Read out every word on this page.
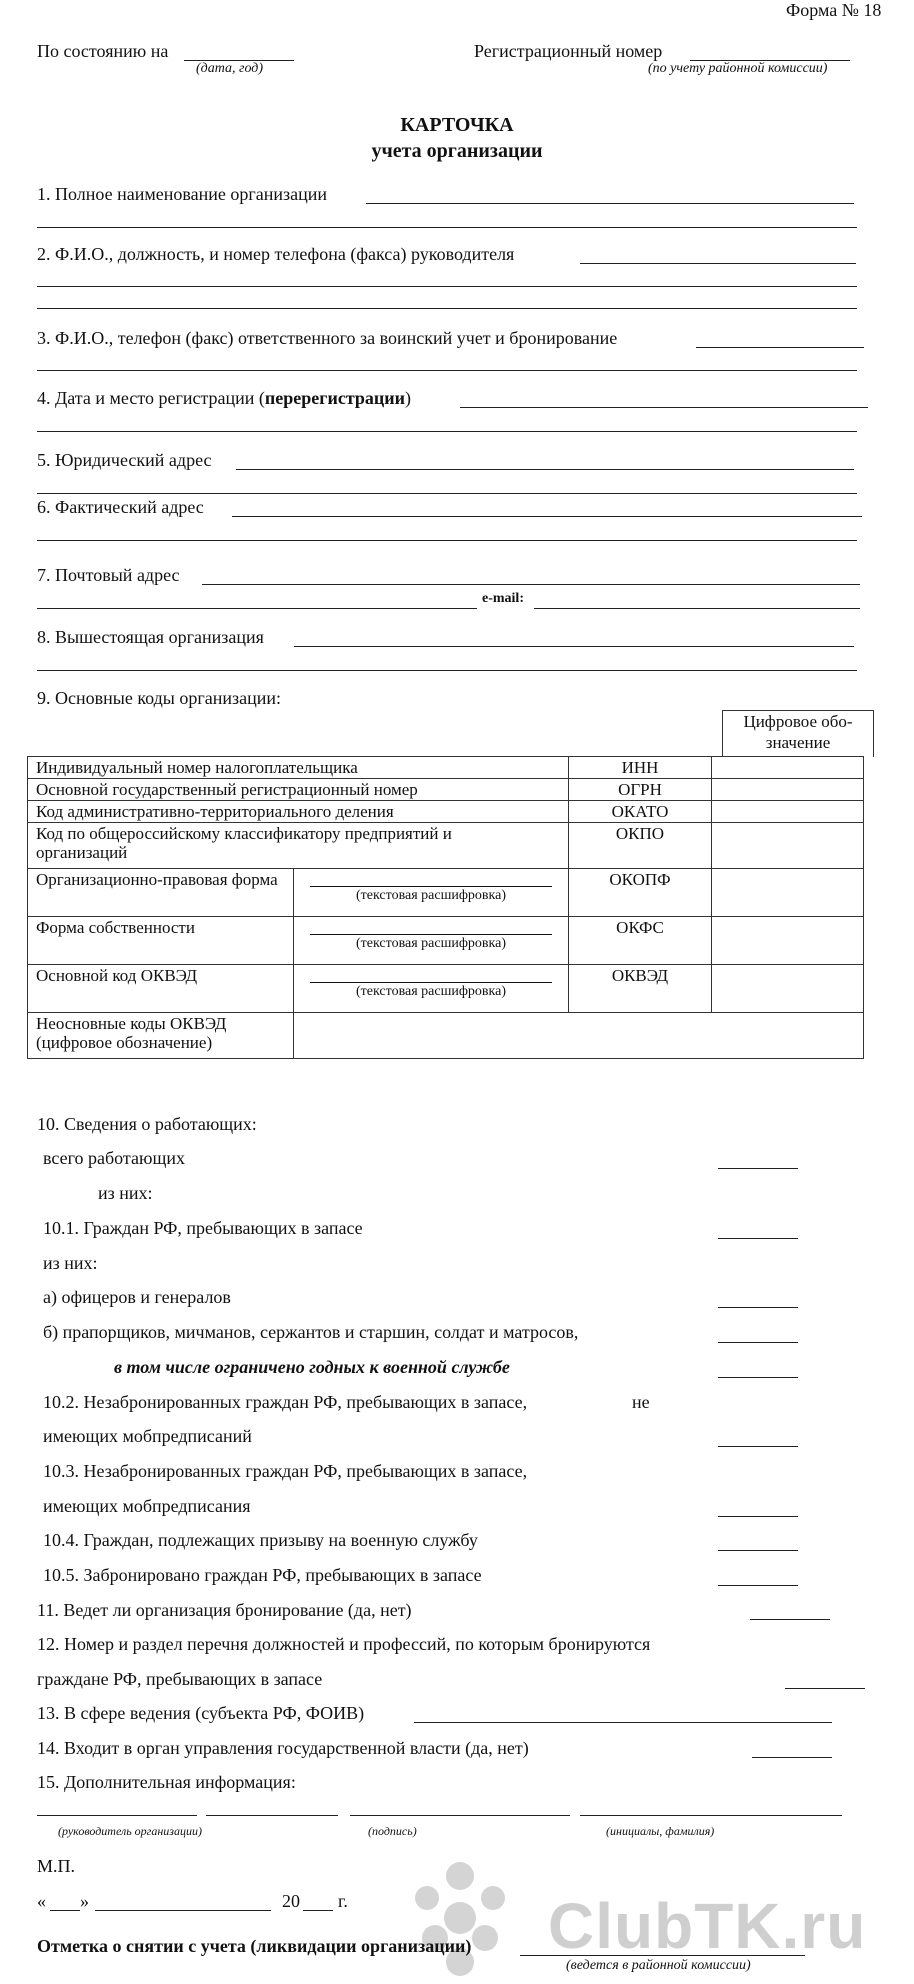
Форма № 18
По состоянию на
(дата, год)
Регистрационный номер
(по учету районной комиссии)
КАРТОЧКА
учета организации
1. Полное наименование организации
2. Ф.И.О., должность, и номер телефона (факса) руководителя
3. Ф.И.О., телефон (факс) ответственного за воинский учет и бронирование
4. Дата и место регистрации (перерегистрации)
5. Юридический адрес
6. Фактический адрес
7. Почтовый адрес
e-mail:
8. Вышестоящая организация
9. Основные коды организации:
Цифровое обо-значение
Индивидуальный номер налогоплательщика		ИНН	
Основной государственный регистрационный номер		ОГРН	
Код административно-территориального деления		ОКАТО	
Код по общероссийскому классификатору предприятий и организаций		ОКПО	
Организационно-правовая форма	(текстовая расшифровка)	ОКОПФ	
Форма собственности	(текстовая расшифровка)	ОКФС	
Основной код ОКВЭД	(текстовая расшифровка)	ОКВЭД	
Неосновные коды ОКВЭД (цифровое обозначение)			
10. Сведения о работающих:
всего работающих
из них:
10.1. Граждан РФ, пребывающих в запасе
из них:
а) офицеров и генералов
б) прапорщиков, мичманов, сержантов и старшин, солдат и матросов,
в том числе ограничено годных к военной службе
10.2. Незабронированных граждан РФ, пребывающих в запасе,	не
имеющих мобпредписаний
10.3. Незабронированных граждан РФ, пребывающих в запасе,
имеющих мобпредписания
10.4. Граждан, подлежащих призыву на военную службу
10.5. Забронировано граждан РФ, пребывающих в запасе
11. Ведет ли организация бронирование (да, нет)
12. Номер и раздел перечня должностей и профессий, по которым бронируются
граждане РФ, пребывающих в запасе
13. В сфере ведения (субъекта РФ, ФОИВ)
14. Входит в орган управления государственной власти (да, нет)
15. Дополнительная информация:
(руководитель организации)	(подпись)	(инициалы, фамилия)
М.П.
« »	20 г.	ClubTK.ru
Отметка о снятии с учета (ликвидации организации)
(ведется в районной комиссии)
